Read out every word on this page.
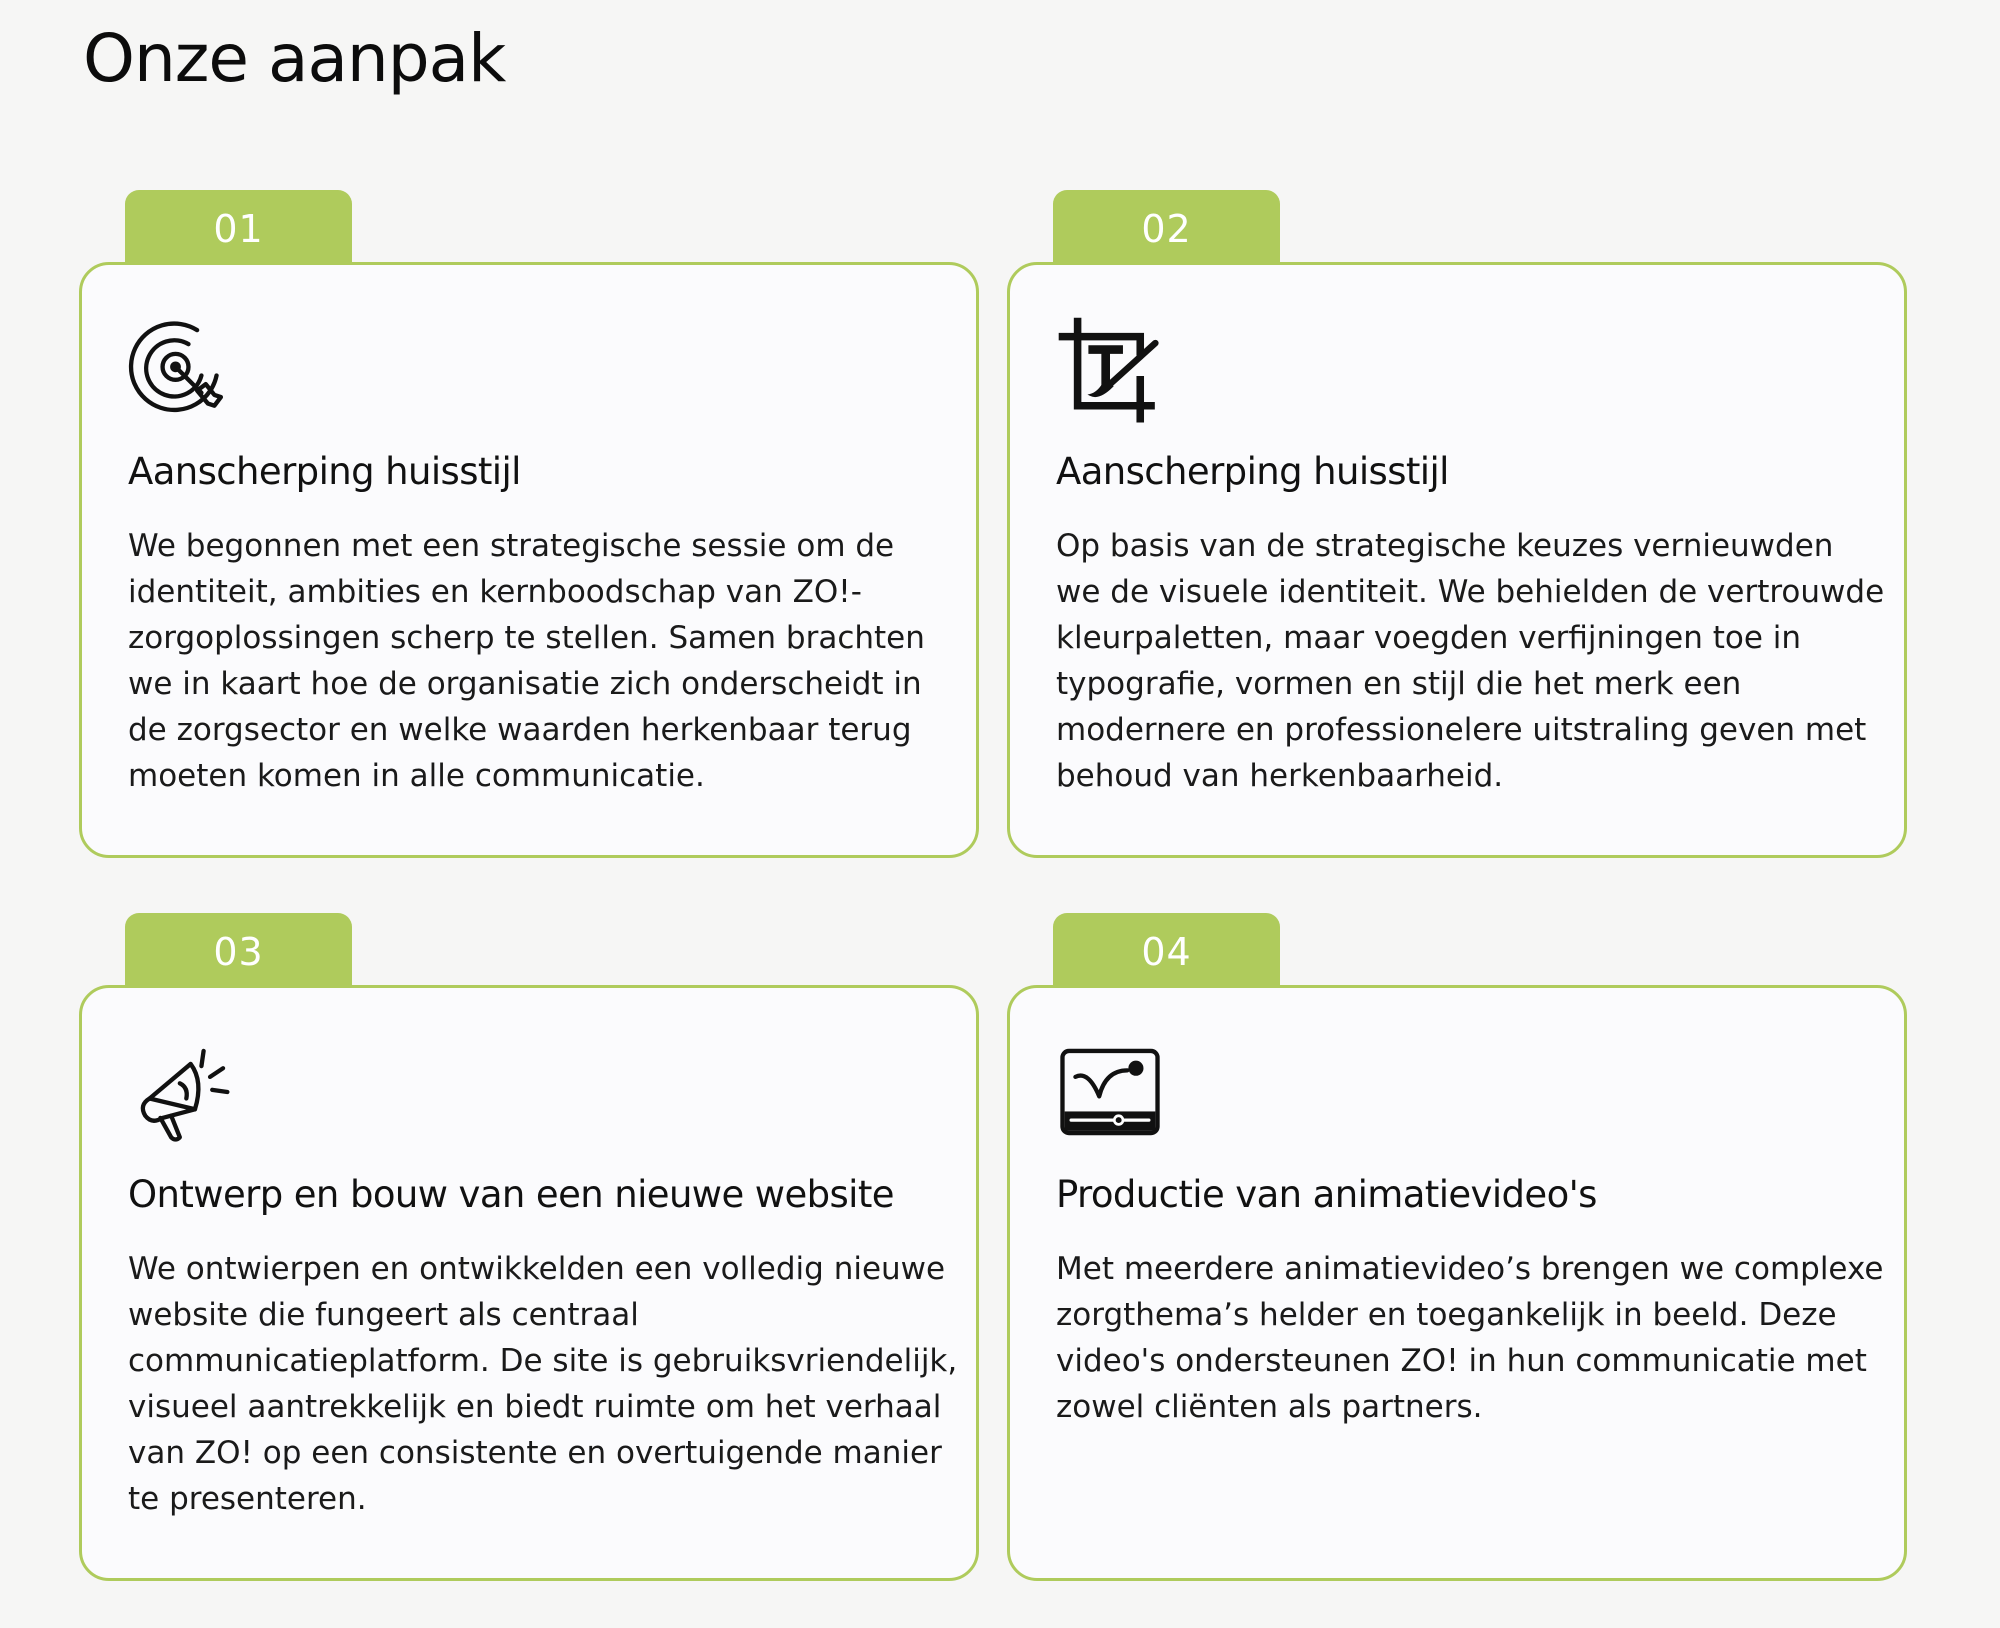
Onze aanpak
01
Aanscherping huisstijl

We begonnen met een strategische sessie om de identiteit, ambities en kernboodschap van ZO!-zorgoplossingen scherp te stellen. Samen brachten we in kaart hoe de organisatie zich onderscheidt in de zorgsector en welke waarden herkenbaar terug moeten komen in alle communicatie.

02
Aanscherping huisstijl

Op basis van de strategische keuzes vernieuwden we de visuele identiteit. We behielden de vertrouwde kleurpaletten, maar voegden verfijningen toe in typografie, vormen en stijl die het merk een modernere en professionelere uitstraling geven met behoud van herkenbaarheid.

03
Ontwerp en bouw van een nieuwe website

We ontwierpen en ontwikkelden een volledig nieuwe website die fungeert als centraal communicatieplatform. De site is gebruiksvriendelijk, visueel aantrekkelijk en biedt ruimte om het verhaal van ZO! op een consistente en overtuigende manier te presenteren.

04
Productie van animatievideo's

Met meerdere animatievideo’s brengen we complexe zorgthema’s helder en toegankelijk in beeld. Deze video's ondersteunen ZO! in hun communicatie met zowel cliënten als partners.
